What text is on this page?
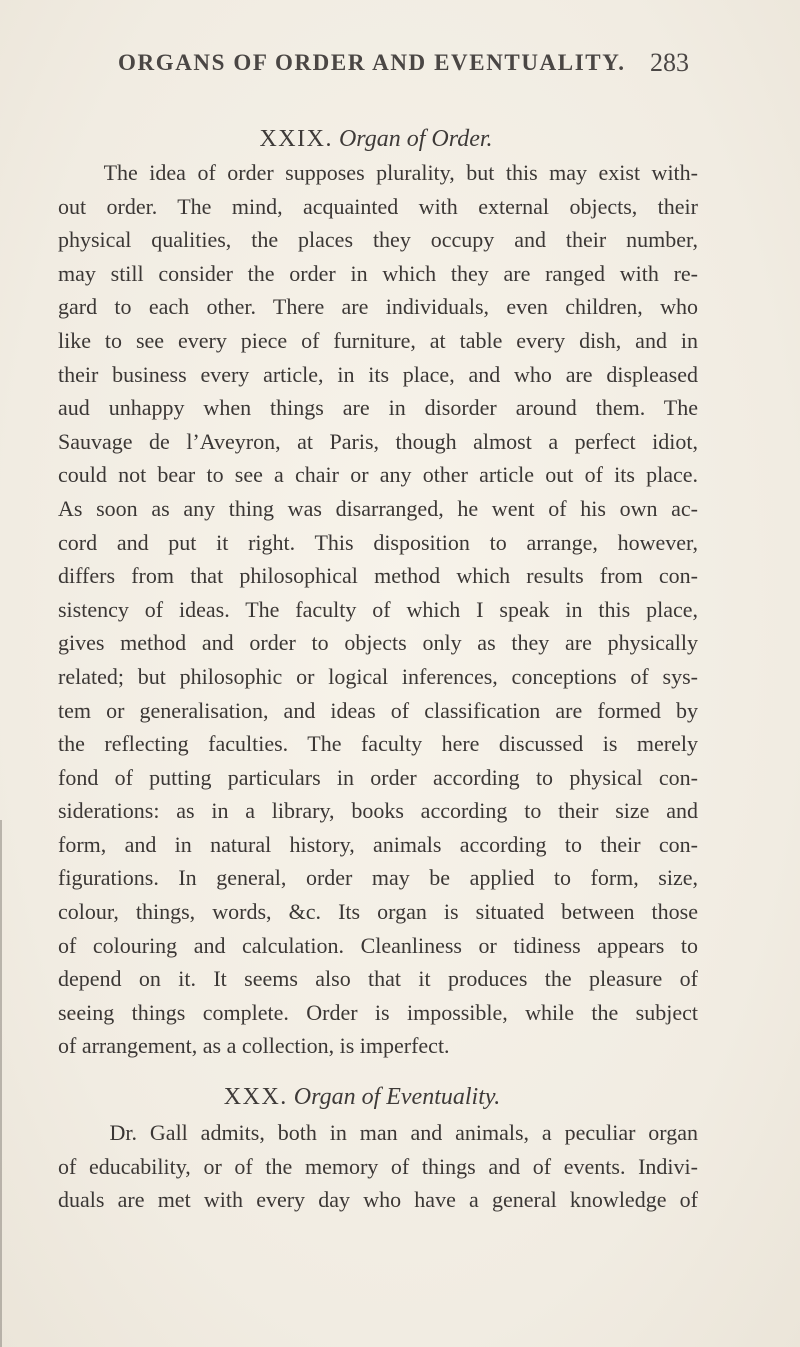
ORGANS OF ORDER AND EVENTUALITY. 283
XXIX. Organ of Order.
The idea of order supposes plurality, but this may exist with-
out order. The mind, acquainted with external objects, their
physical qualities, the places they occupy and their number,
may still consider the order in which they are ranged with re-
gard to each other. There are individuals, even children, who
like to see every piece of furniture, at table every dish, and in
their business every article, in its place, and who are displeased
aud unhappy when things are in disorder around them. The
Sauvage de l’Aveyron, at Paris, though almost a perfect idiot,
could not bear to see a chair or any other article out of its place.
As soon as any thing was disarranged, he went of his own ac-
cord and put it right. This disposition to arrange, however,
differs from that philosophical method which results from con-
sistency of ideas. The faculty of which I speak in this place,
gives method and order to objects only as they are physically
related; but philosophic or logical inferences, conceptions of sys-
tem or generalisation, and ideas of classification are formed by
the reflecting faculties. The faculty here discussed is merely
fond of putting particulars in order according to physical con-
siderations: as in a library, books according to their size and
form, and in natural history, animals according to their con-
figurations. In general, order may be applied to form, size,
colour, things, words, &c. Its organ is situated between those
of colouring and calculation. Cleanliness or tidiness appears to
depend on it. It seems also that it produces the pleasure of
seeing things complete. Order is impossible, while the subject
of arrangement, as a collection, is imperfect.
XXX. Organ of Eventuality.
Dr. Gall admits, both in man and animals, a peculiar organ
of educability, or of the memory of things and of events. Indivi-
duals are met with every day who have a general knowledge of
